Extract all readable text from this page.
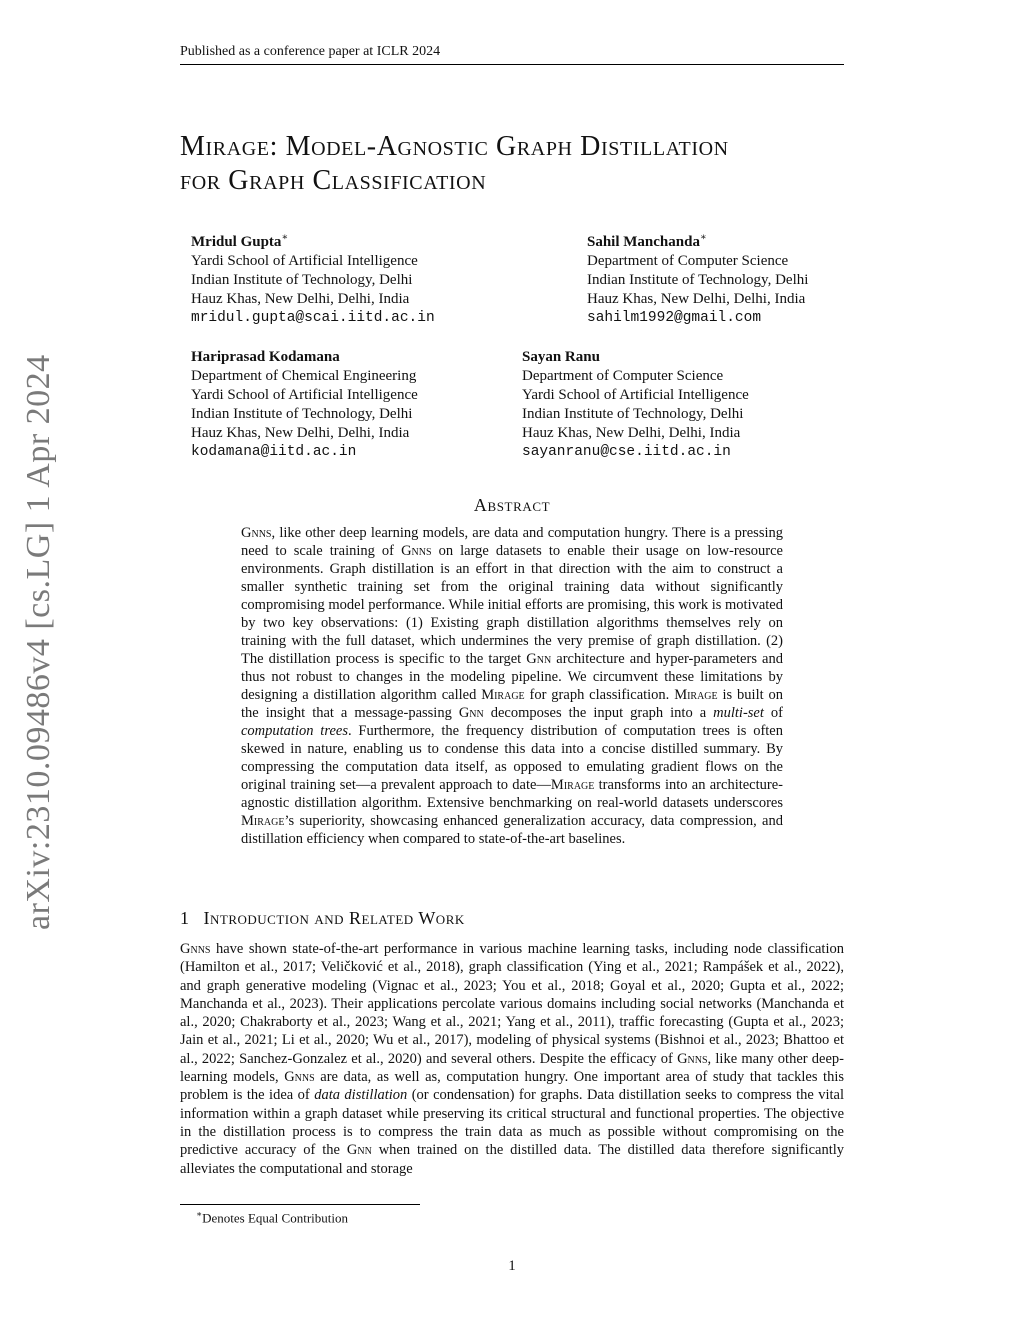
Published as a conference paper at ICLR 2024
arXiv:2310.09486v4 [cs.LG] 1 Apr 2024
Mirage: Model-Agnostic Graph Distillation
for Graph Classification
Mridul Gupta∗
Yardi School of Artificial Intelligence
Indian Institute of Technology, Delhi
Hauz Khas, New Delhi, Delhi, India
mridul.gupta@scai.iitd.ac.in
Sahil Manchanda∗
Department of Computer Science
Indian Institute of Technology, Delhi
Hauz Khas, New Delhi, Delhi, India
sahilm1992@gmail.com
Hariprasad Kodamana
Department of Chemical Engineering
Yardi School of Artificial Intelligence
Indian Institute of Technology, Delhi
Hauz Khas, New Delhi, Delhi, India
kodamana@iitd.ac.in
Sayan Ranu
Department of Computer Science
Yardi School of Artificial Intelligence
Indian Institute of Technology, Delhi
Hauz Khas, New Delhi, Delhi, India
sayanranu@cse.iitd.ac.in
Abstract

Gnns, like other deep learning models, are data and computation hungry. There is a pressing need to scale training of Gnns on large datasets to enable their usage on low-resource environments. Graph distillation is an effort in that direction with the aim to construct a smaller synthetic training set from the original training data without significantly compromising model performance. While initial efforts are promising, this work is motivated by two key observations: (1) Existing graph distillation algorithms themselves rely on training with the full dataset, which undermines the very premise of graph distillation. (2) The distillation process is specific to the target Gnn architecture and hyper-parameters and thus not robust to changes in the modeling pipeline. We circumvent these limitations by designing a distillation algorithm called Mirage for graph classification. Mirage is built on the insight that a message-passing Gnn decomposes the input graph into a multi-set of computation trees. Furthermore, the frequency distribution of computation trees is often skewed in nature, enabling us to condense this data into a concise distilled summary. By compressing the computation data itself, as opposed to emulating gradient flows on the original training set—a prevalent approach to date—Mirage transforms into an architecture-agnostic distillation algorithm. Extensive benchmarking on real-world datasets underscores Mirage’s superiority, showcasing enhanced generalization accuracy, data compression, and distillation efficiency when compared to state-of-the-art baselines.

1 Introduction and Related Work

Gnns have shown state-of-the-art performance in various machine learning tasks, including node classification (Hamilton et al., 2017; Veličković et al., 2018), graph classification (Ying et al., 2021; Rampášek et al., 2022), and graph generative modeling (Vignac et al., 2023; You et al., 2018; Goyal et al., 2020; Gupta et al., 2022; Manchanda et al., 2023). Their applications percolate various domains including social networks (Manchanda et al., 2020; Chakraborty et al., 2023; Wang et al., 2021; Yang et al., 2011), traffic forecasting (Gupta et al., 2023; Jain et al., 2021; Li et al., 2020; Wu et al., 2017), modeling of physical systems (Bishnoi et al., 2023; Bhattoo et al., 2022; Sanchez-Gonzalez et al., 2020) and several others. Despite the efficacy of Gnns, like many other deep-learning models, Gnns are data, as well as, computation hungry. One important area of study that tackles this problem is the idea of data distillation (or condensation) for graphs. Data distillation seeks to compress the vital information within a graph dataset while preserving its critical structural and functional properties. The objective in the distillation process is to compress the train data as much as possible without compromising on the predictive accuracy of the Gnn when trained on the distilled data. The distilled data therefore significantly alleviates the computational and storage

∗Denotes Equal Contribution
1
